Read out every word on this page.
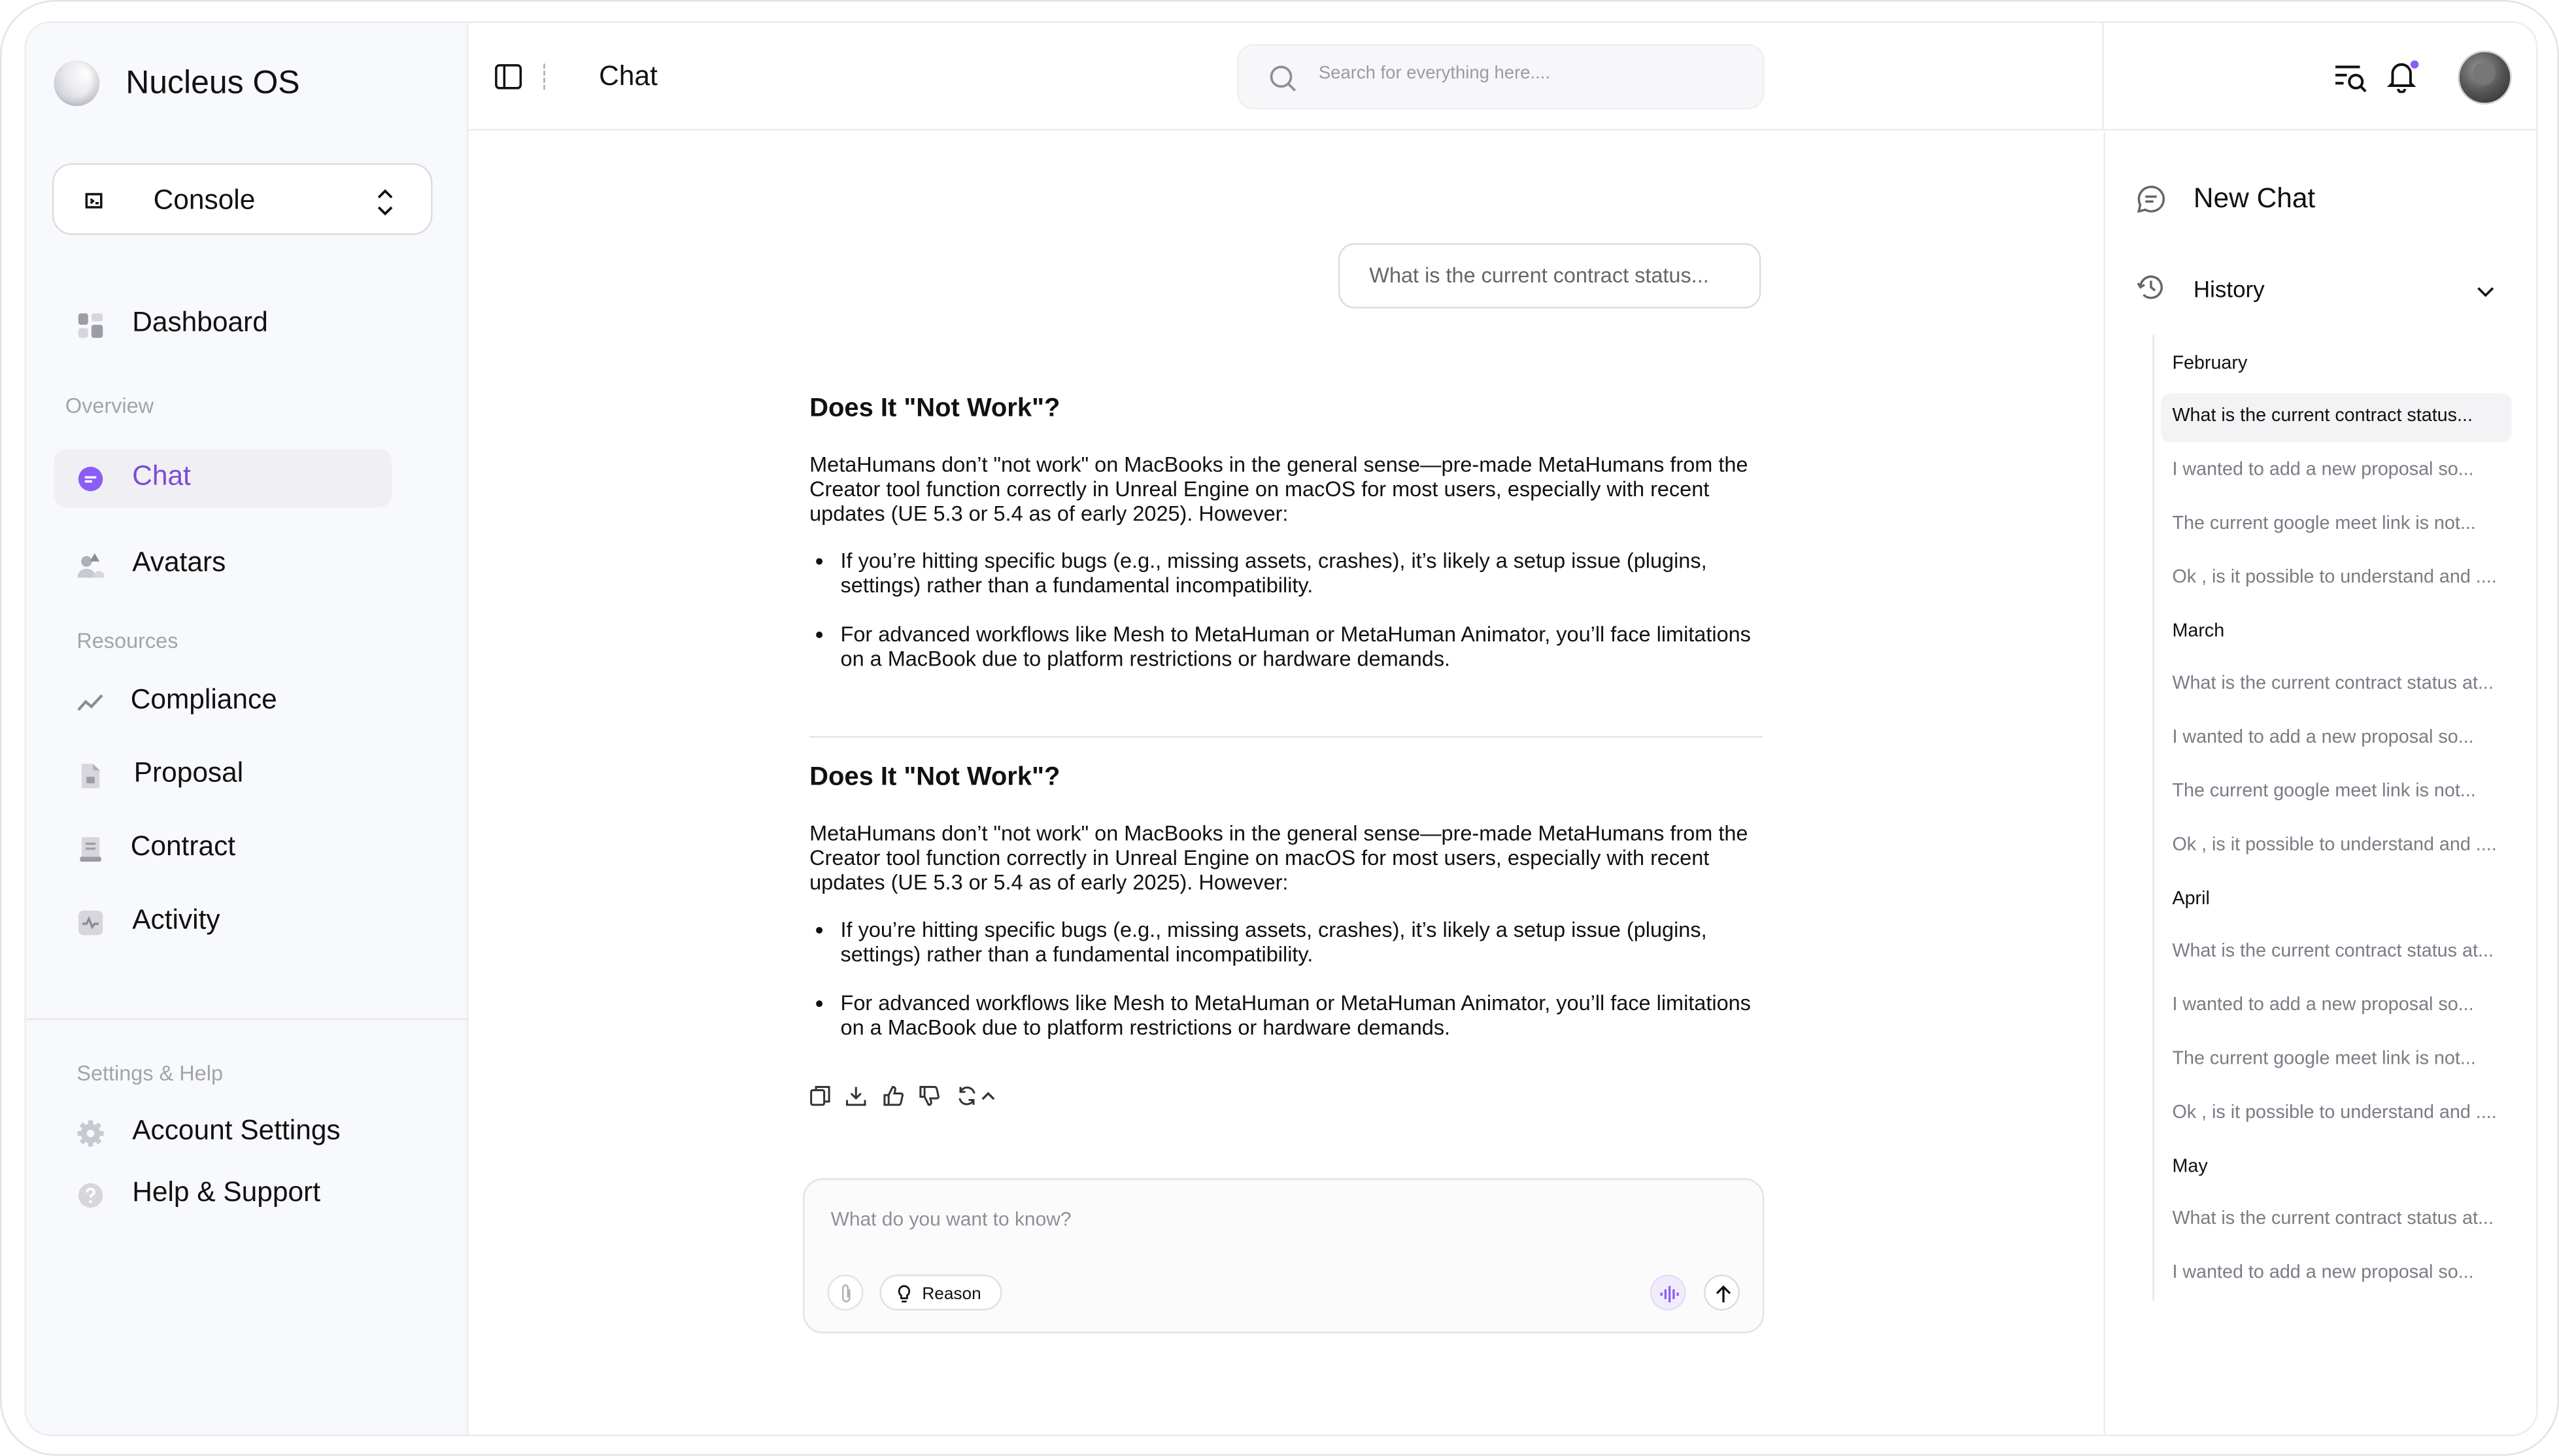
Nucleus OS
Console
Dashboard
Overview
Chat
Avatars
Resources
Compliance
Proposal
Contract
Activity
Settings & Help
Account Settings
Help & Support
Chat
Search for everything here....
What is the current contract status...
Does It "Not Work"?

MetaHumans don’t "not work" on MacBooks in the general sense—pre-made MetaHumans from the Creator tool function correctly in Unreal Engine on macOS for most users, especially with recent updates (UE 5.3 or 5.4 as of early 2025). However:

• If you’re hitting specific bugs (e.g., missing assets, crashes), it’s likely a setup issue (plugins, settings) rather than a fundamental incompatibility.
• For advanced workflows like Mesh to MetaHuman or MetaHuman Animator, you’ll face limitations on a MacBook due to platform restrictions or hardware demands.
Does It "Not Work"?

MetaHumans don’t "not work" on MacBooks in the general sense—pre-made MetaHumans from the Creator tool function correctly in Unreal Engine on macOS for most users, especially with recent updates (UE 5.3 or 5.4 as of early 2025). However:

• If you’re hitting specific bugs (e.g., missing assets, crashes), it’s likely a setup issue (plugins, settings) rather than a fundamental incompatibility.
• For advanced workflows like Mesh to MetaHuman or MetaHuman Animator, you’ll face limitations on a MacBook due to platform restrictions or hardware demands.
What do you want to know?
Reason
New Chat
History
February
What is the current contract status...
I wanted to add a new proposal so...
The current google meet link is not...
Ok , is it possible to understand and ....
March
What is the current contract status at...
I wanted to add a new proposal so...
The current google meet link is not...
Ok , is it possible to understand and ....
April
What is the current contract status at...
I wanted to add a new proposal so...
The current google meet link is not...
Ok , is it possible to understand and ....
May
What is the current contract status at...
I wanted to add a new proposal so...
